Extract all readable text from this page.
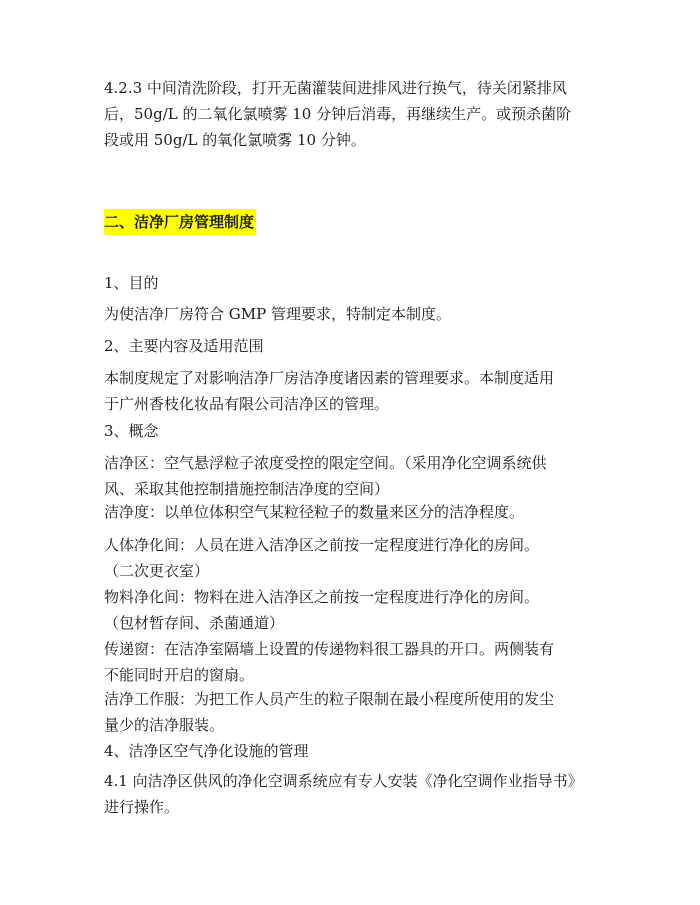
4.2.3 中间清洗阶段，打开无菌灌装间进排风进行换气，待关闭紧排风
后，50g/L 的二氧化氯喷雾 10 分钟后消毒，再继续生产。或预杀菌阶
段或用 50g/L 的氧化氯喷雾 10 分钟。
二、洁净厂房管理制度
1、目的
为使洁净厂房符合 GMP 管理要求，特制定本制度。
2、主要内容及适用范围
本制度规定了对影响洁净厂房洁净度诸因素的管理要求。本制度适用
于广州香枝化妆品有限公司洁净区的管理。
3、概念
洁净区：空气悬浮粒子浓度受控的限定空间。（采用净化空调系统供
风、采取其他控制措施控制洁净度的空间）
洁净度：以单位体积空气某粒径粒子的数量来区分的洁净程度。
人体净化间：人员在进入洁净区之前按一定程度进行净化的房间。
（二次更衣室）
物料净化间：物料在进入洁净区之前按一定程度进行净化的房间。
（包材暂存间、杀菌通道）
传递窗：在洁净室隔墙上设置的传递物料很工器具的开口。两侧装有
不能同时开启的窗扇。
洁净工作服：为把工作人员产生的粒子限制在最小程度所使用的发尘
量少的洁净服装。
4、洁净区空气净化设施的管理
4.1 向洁净区供风的净化空调系统应有专人安装《净化空调作业指导书》
进行操作。
